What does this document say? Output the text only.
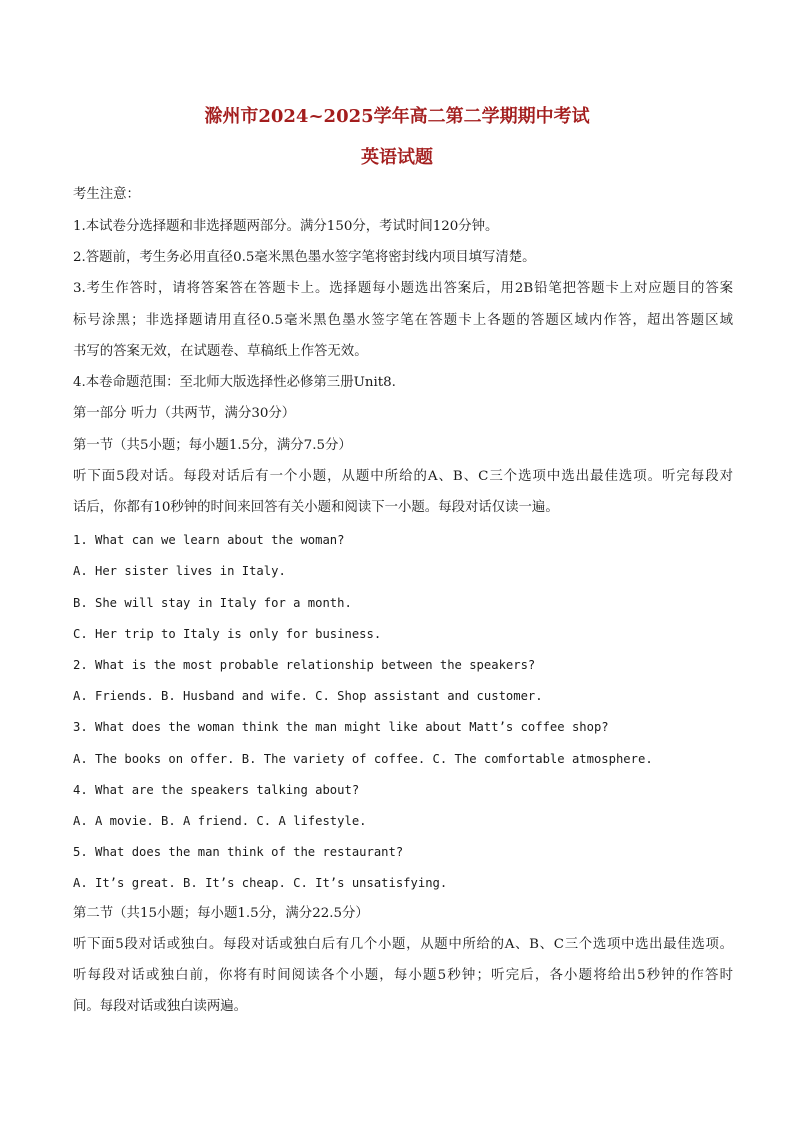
滁州市2024~2025学年高二第二学期期中考试
英语试题
考生注意：
1.本试卷分选择题和非选择题两部分。满分150分，考试时间120分钟。
2.答题前，考生务必用直径0.5毫米黑色墨水签字笔将密封线内项目填写清楚。
3.考生作答时，请将答案答在答题卡上。选择题每小题选出答案后，用2B铅笔把答题卡上对应题目的答案
标号涂黑；非选择题请用直径0.5毫米黑色墨水签字笔在答题卡上各题的答题区域内作答，超出答题区域
书写的答案无效，在试题卷、草稿纸上作答无效。
4.本卷命题范围：至北师大版选择性必修第三册Unit8.
第一部分 听力（共两节，满分30分）
第一节（共5小题；每小题1.5分，满分7.5分）
听下面5段对话。每段对话后有一个小题，从题中所给的A、B、C三个选项中选出最佳选项。听完每段对
话后，你都有10秒钟的时间来回答有关小题和阅读下一小题。每段对话仅读一遍。
1. What can we learn about the woman?
A. Her sister lives in Italy.
B. She will stay in Italy for a month.
C. Her trip to Italy is only for business.
2. What is the most probable relationship between the speakers?
A. Friends. B. Husband and wife. C. Shop assistant and customer.
3. What does the woman think the man might like about Matt’s coffee shop?
A. The books on offer. B. The variety of coffee. C. The comfortable atmosphere.
4. What are the speakers talking about?
A. A movie. B. A friend. C. A lifestyle.
5. What does the man think of the restaurant?
A. It’s great. B. It’s cheap. C. It’s unsatisfying.
第二节（共15小题；每小题1.5分，满分22.5分）
听下面5段对话或独白。每段对话或独白后有几个小题，从题中所给的A、B、C三个选项中选出最佳选项。
听每段对话或独白前，你将有时间阅读各个小题，每小题5秒钟；听完后，各小题将给出5秒钟的作答时
间。每段对话或独白读两遍。
